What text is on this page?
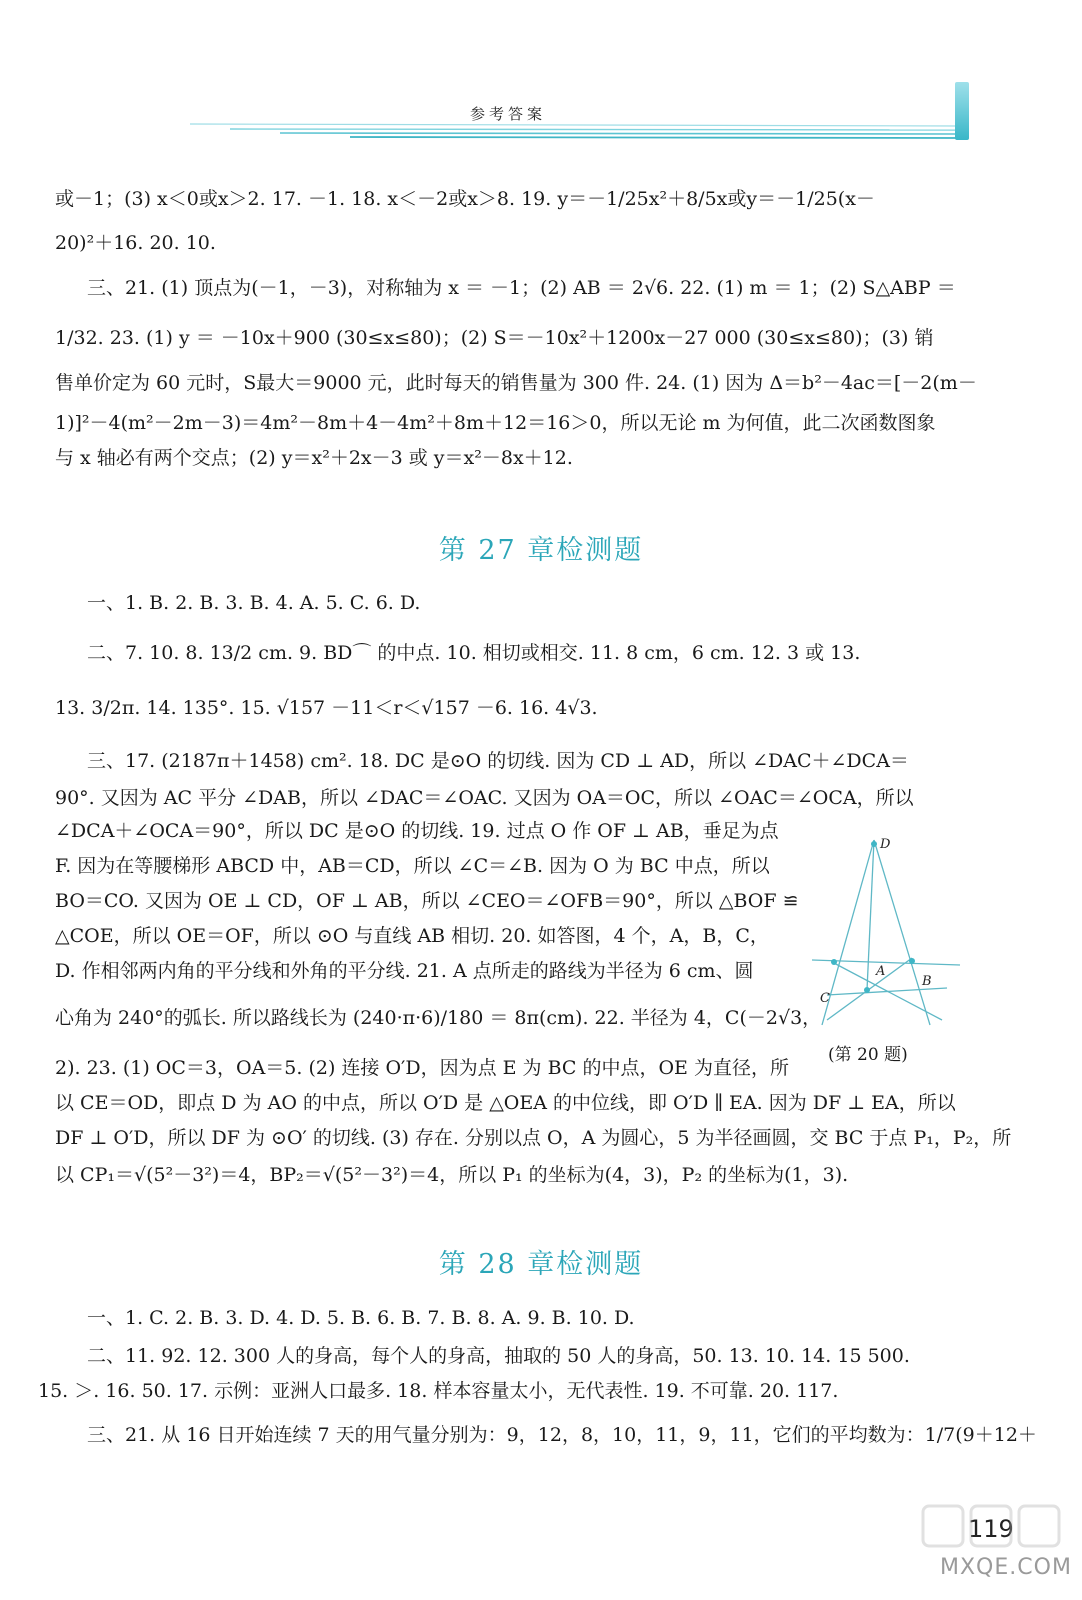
参考答案
或－1；(3) x＜0或x＞2. 17. －1. 18. x＜－2或x＞8. 19. y＝－1/25x²＋8/5x或y＝－1/25(x－
20)²＋16. 20. 10.
三、21. (1) 顶点为(－1，－3)，对称轴为 x ＝ －1；(2) AB ＝ 2√6. 22. (1) m ＝ 1；(2) S△ABP ＝
1/32. 23. (1) y ＝ －10x＋900 (30≤x≤80)；(2) S＝－10x²＋1200x－27 000 (30≤x≤80)；(3) 销
售单价定为 60 元时，S最大＝9000 元，此时每天的销售量为 300 件. 24. (1) 因为 Δ＝b²－4ac＝[－2(m－
1)]²－4(m²－2m－3)＝4m²－8m＋4－4m²＋8m＋12＝16＞0，所以无论 m 为何值，此二次函数图象
与 x 轴必有两个交点；(2) y＝x²＋2x－3 或 y＝x²－8x＋12.
第 27 章检测题
一、1. B. 2. B. 3. B. 4. A. 5. C. 6. D.
二、7. 10. 8. 13/2 cm. 9. BD⌒ 的中点. 10. 相切或相交. 11. 8 cm，6 cm. 12. 3 或 13.
13. 3/2π. 14. 135°. 15. √157 －11＜r＜√157 －6. 16. 4√3.
三、17. (2187π＋1458) cm². 18. DC 是⊙O 的切线. 因为 CD ⊥ AD，所以 ∠DAC＋∠DCA＝
90°. 又因为 AC 平分 ∠DAB，所以 ∠DAC＝∠OAC. 又因为 OA＝OC，所以 ∠OAC＝∠OCA，所以
∠DCA＋∠OCA＝90°，所以 DC 是⊙O 的切线. 19. 过点 O 作 OF ⊥ AB，垂足为点
F. 因为在等腰梯形 ABCD 中，AB＝CD，所以 ∠C＝∠B. 因为 O 为 BC 中点，所以
BO＝CO. 又因为 OE ⊥ CD，OF ⊥ AB，所以 ∠CEO＝∠OFB＝90°，所以 △BOF ≌
△COE，所以 OE＝OF，所以 ⊙O 与直线 AB 相切. 20. 如答图，4 个，A，B，C，
D. 作相邻两内角的平分线和外角的平分线. 21. A 点所走的路线为半径为 6 cm、圆
心角为 240°的弧长. 所以路线长为 (240·π·6)/180 ＝ 8π(cm). 22. 半径为 4，C(－2√3，
2). 23. (1) OC＝3，OA＝5. (2) 连接 O′D，因为点 E 为 BC 的中点，OE 为直径，所
以 CE＝OD，即点 D 为 AO 的中点，所以 O′D 是 △OEA 的中位线，即 O′D ∥ EA. 因为 DF ⊥ EA，所以
DF ⊥ O′D，所以 DF 为 ⊙O′ 的切线. (3) 存在. 分别以点 O，A 为圆心，5 为半径画圆，交 BC 于点 P₁，P₂，所
以 CP₁＝√(5²－3²)＝4，BP₂＝√(5²－3²)＝4，所以 P₁ 的坐标为(4，3)，P₂ 的坐标为(1，3).
D
A
B
C
(第 20 题)
第 28 章检测题
一、1. C. 2. B. 3. D. 4. D. 5. B. 6. B. 7. B. 8. A. 9. B. 10. D.
二、11. 92. 12. 300 人的身高，每个人的身高，抽取的 50 人的身高，50. 13. 10. 14. 15 500.
15. ＞. 16. 50. 17. 示例：亚洲人口最多. 18. 样本容量太小，无代表性. 19. 不可靠. 20. 117.
三、21. 从 16 日开始连续 7 天的用气量分别为：9，12，8，10，11，9，11，它们的平均数为：1/7(9＋12＋
119
MXQE.COM
